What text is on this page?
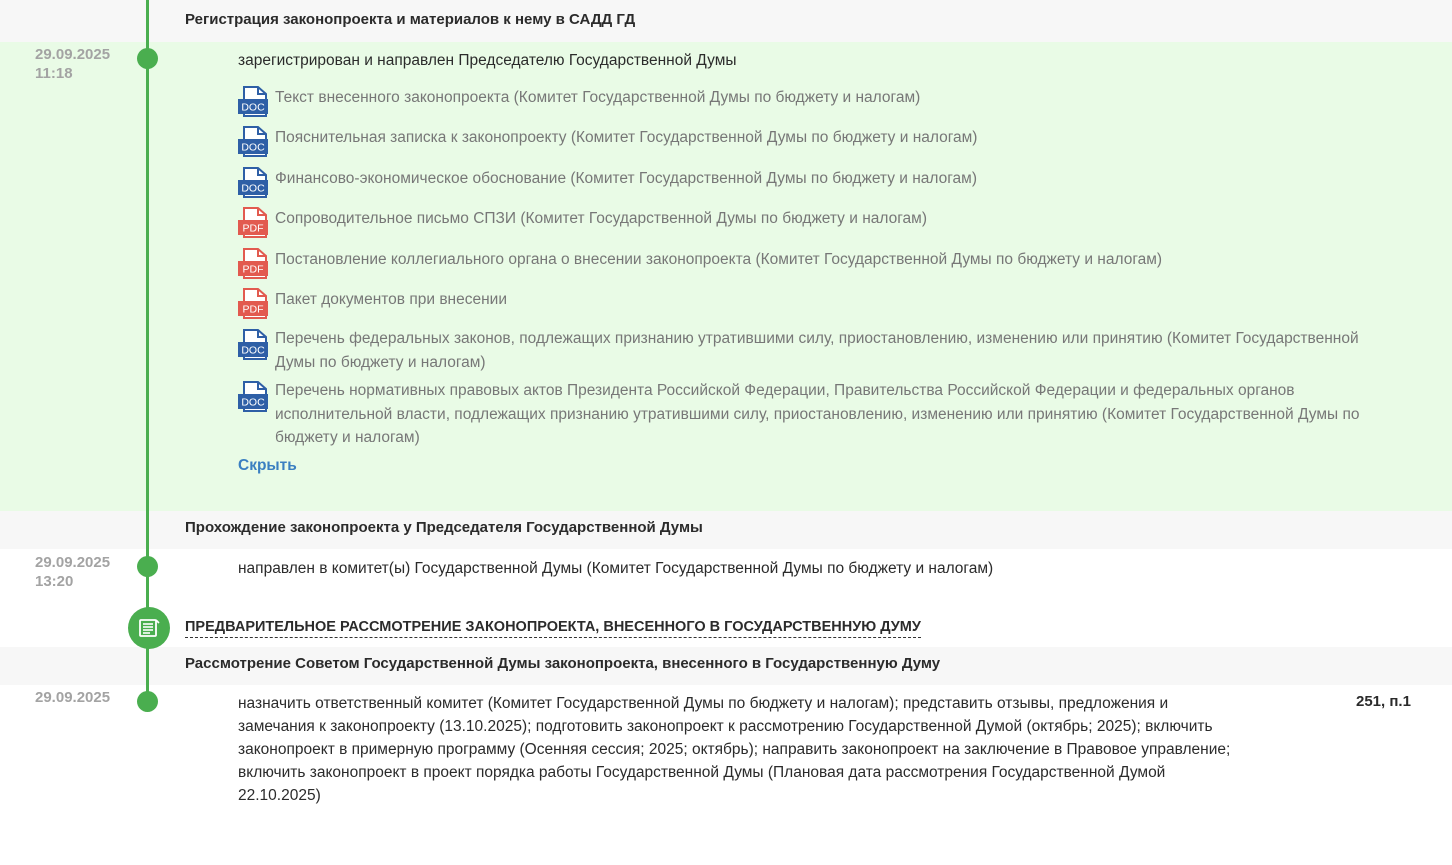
Регистрация законопроекта и материалов к нему в САДД ГД
29.09.2025
11:18
зарегистрирован и направлен Председателю Государственной Думы
DOC
Текст внесенного законопроекта (Комитет Государственной Думы по бюджету и налогам)
DOC
Пояснительная записка к законопроекту (Комитет Государственной Думы по бюджету и налогам)
DOC
Финансово-экономическое обоснование (Комитет Государственной Думы по бюджету и налогам)
PDF
Сопроводительное письмо СПЗИ (Комитет Государственной Думы по бюджету и налогам)
PDF
Постановление коллегиального органа о внесении законопроекта (Комитет Государственной Думы по бюджету и налогам)
PDF
Пакет документов при внесении
DOC
Перечень федеральных законов, подлежащих признанию утратившими силу, приостановлению, изменению или принятию (Комитет Государственной Думы по бюджету и налогам)
DOC
Перечень нормативных правовых актов Президента Российской Федерации, Правительства Российской Федерации и федеральных органов исполнительной власти, подлежащих признанию утратившими силу, приостановлению, изменению или принятию (Комитет Государственной Думы по бюджету и налогам)
Скрыть
Прохождение законопроекта у Председателя Государственной Думы
29.09.2025
13:20
направлен в комитет(ы) Государственной Думы (Комитет Государственной Думы по бюджету и налогам)
ПРЕДВАРИТЕЛЬНОЕ РАССМОТРЕНИЕ ЗАКОНОПРОЕКТА, ВНЕСЕННОГО В ГОСУДАРСТВЕННУЮ ДУМУ
Рассмотрение Советом Государственной Думы законопроекта, внесенного в Государственную Думу
29.09.2025	назначить ответственный комитет (Комитет Государственной Думы по бюджету и налогам); представить отзывы, предложения и замечания к законопроекту (13.10.2025); подготовить законопроект к рассмотрению Государственной Думой (октябрь; 2025); включить законопроект в примерную программу (Осенняя сессия; 2025; октябрь); направить законопроект на заключение в Правовое управление; включить законопроект в проект порядка работы Государственной Думы (Плановая дата рассмотрения Государственной Думой 22.10.2025)
251, п.1
